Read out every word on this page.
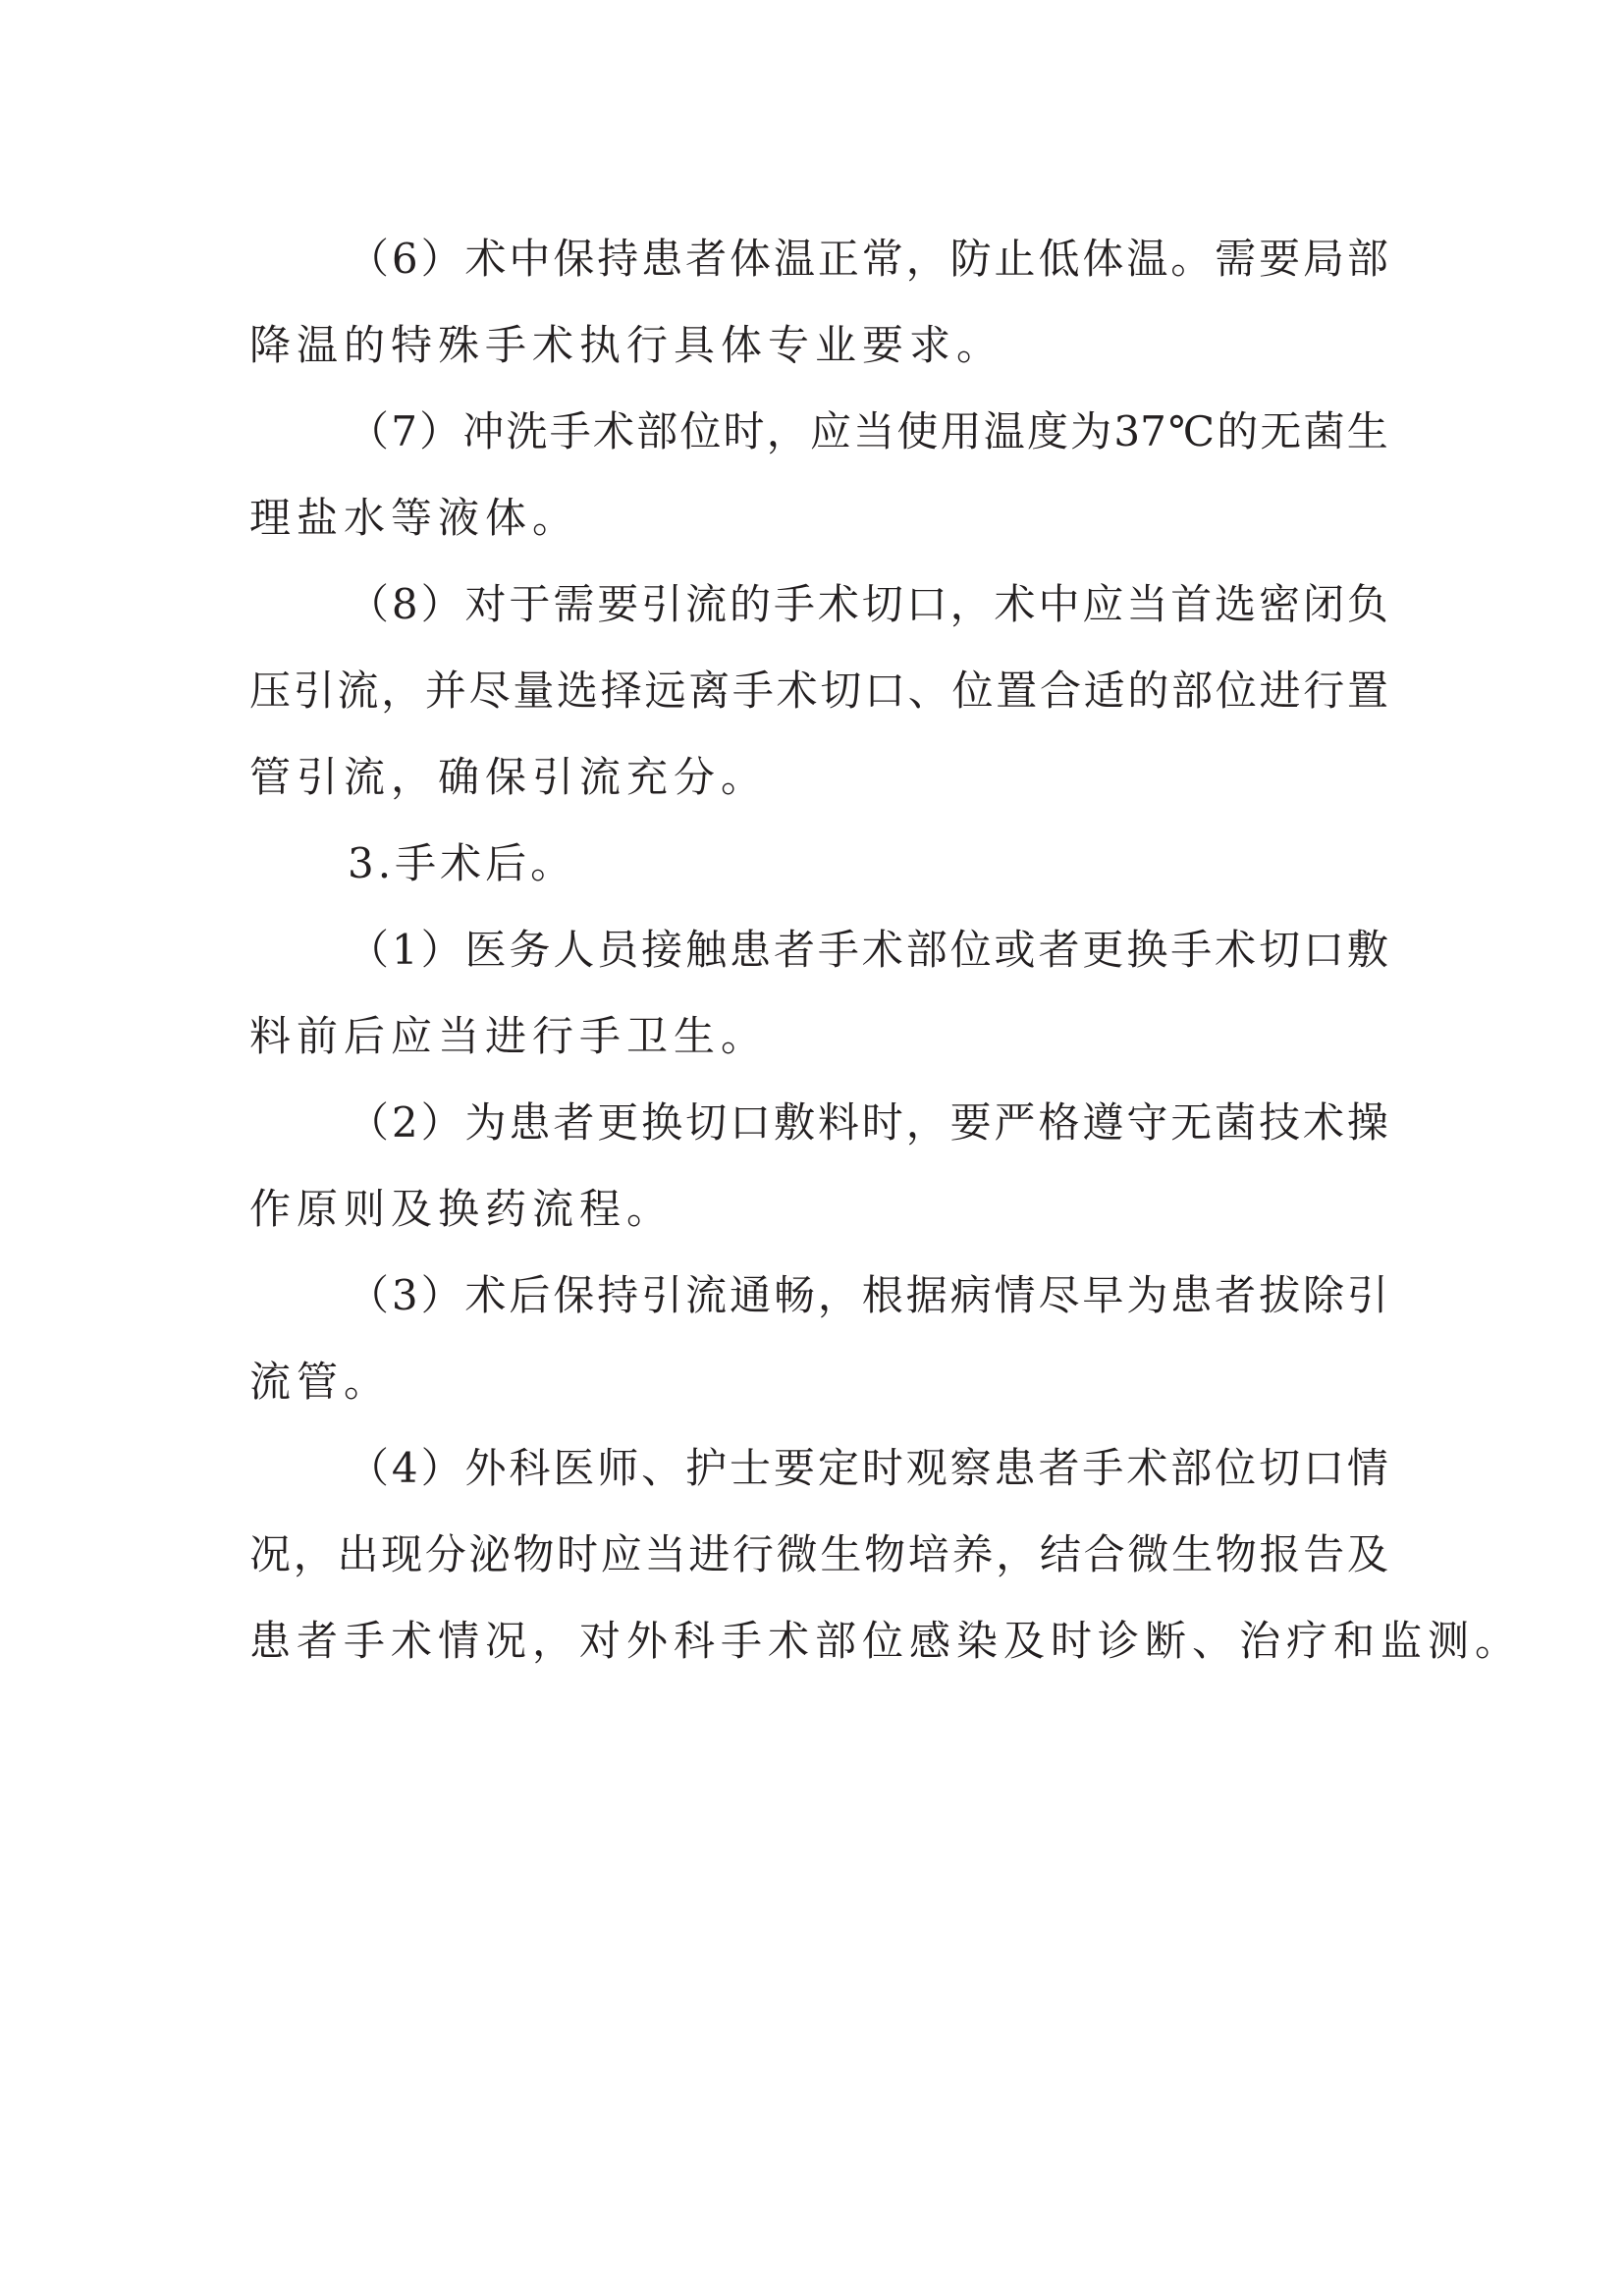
（ 6 ） 术 中 保 持 患 者 体 温 正 常 ， 防 止 低 体 温 。 需 要 局 部
降温的特殊手术执行具体专业要求。
（ 7 ） 冲 洗 手 术 部 位 时 ， 应 当 使 用 温 度 为 37 ℃ 的 无 菌 生
理盐水等液体。
（ 8 ） 对 于 需 要 引 流 的 手 术 切 口 ， 术 中 应 当 首 选 密 闭 负
压 引 流 ， 并 尽 量 选 择 远 离 手 术 切 口 、 位 置 合 适 的 部 位 进 行 置
管引流，确保引流充分。
3.手术后。
（ 1 ） 医 务 人 员 接 触 患 者 手 术 部 位 或 者 更 换 手 术 切 口 敷
料前后应当进行手卫生。
（ 2 ） 为 患 者 更 换 切 口 敷 料 时 ， 要 严 格 遵 守 无 菌 技 术 操
作原则及换药流程。
（ 3 ） 术 后 保 持 引 流 通 畅 ， 根 据 病 情 尽 早 为 患 者 拔 除 引
流管。
（ 4 ） 外 科 医 师 、 护 士 要 定 时 观 察 患 者 手 术 部 位 切 口 情
况 ， 出 现 分 泌 物 时 应 当 进 行 微 生 物 培 养 ， 结 合 微 生 物 报 告 及
患者手术情况，对外科手术部位感染及时诊断、治疗和监测。
